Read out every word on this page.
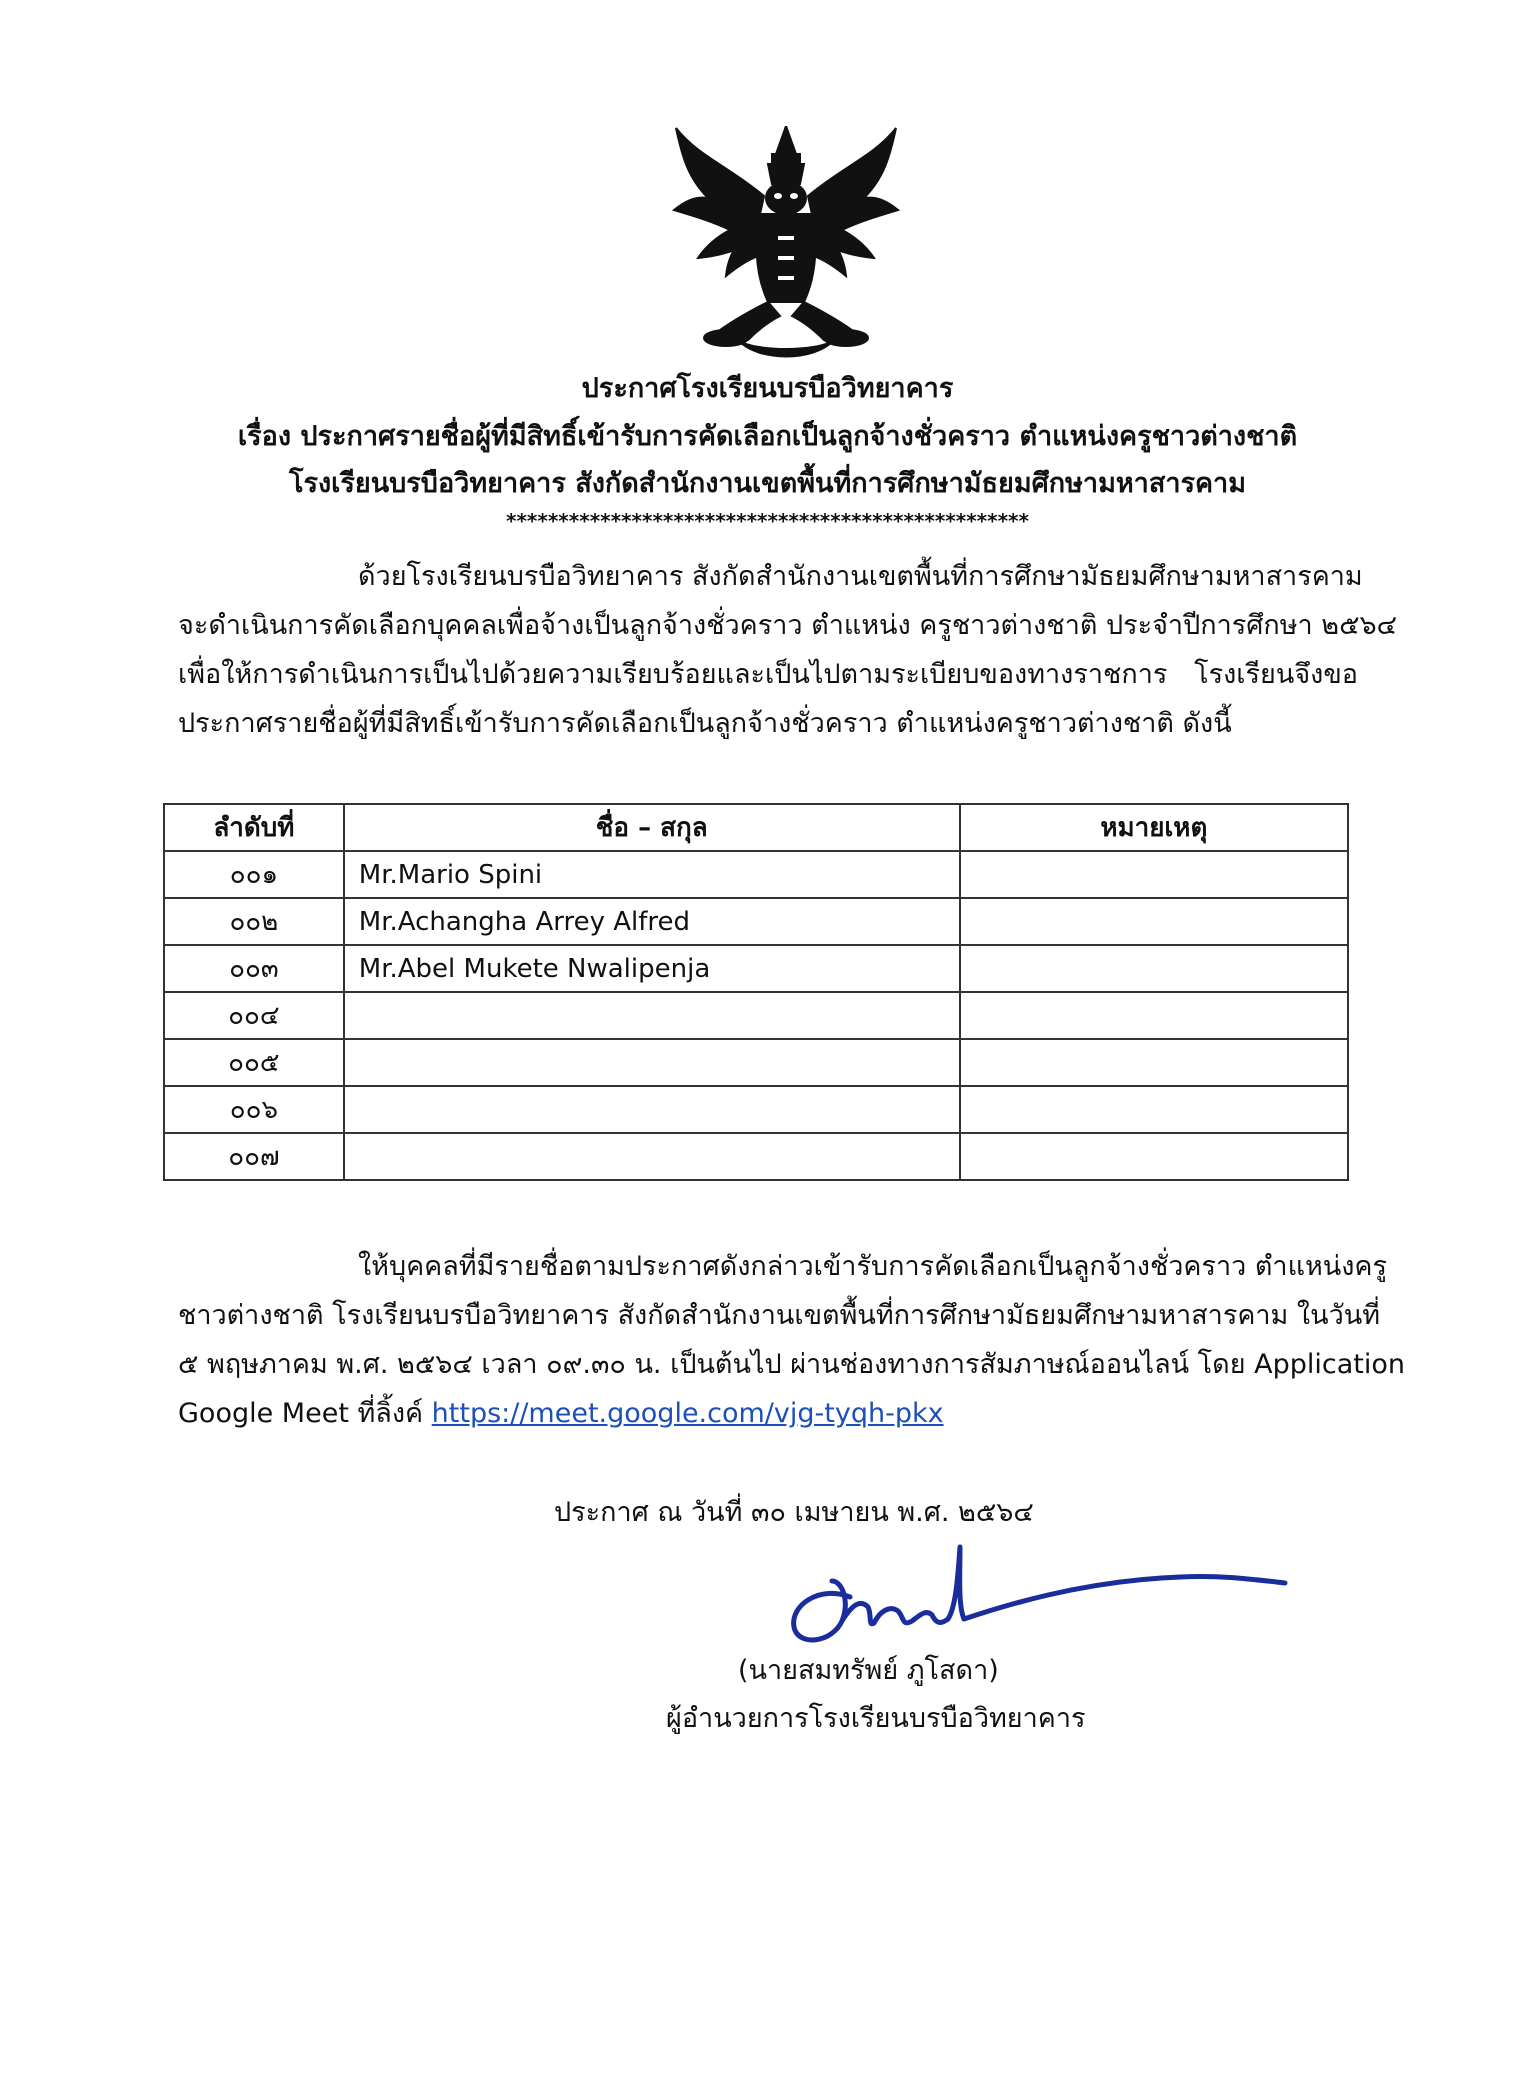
ประกาศโรงเรียนบรบือวิทยาคาร
เรื่อง ประกาศรายชื่อผู้ที่มีสิทธิ์เข้ารับการคัดเลือกเป็นลูกจ้างชั่วคราว ตำแหน่งครูชาวต่างชาติ
โรงเรียนบรบือวิทยาคาร สังกัดสำนักงานเขตพื้นที่การศึกษามัธยมศึกษามหาสารคาม
**************************************************
ด้วยโรงเรียนบรบือวิทยาคาร สังกัดสำนักงานเขตพื้นที่การศึกษามัธยมศึกษามหาสารคาม
จะดำเนินการคัดเลือกบุคคลเพื่อจ้างเป็นลูกจ้างชั่วคราว ตำแหน่ง ครูชาวต่างชาติ ประจำปีการศึกษา ๒๕๖๔
เพื่อให้การดำเนินการเป็นไปด้วยความเรียบร้อยและเป็นไปตามระเบียบของทางราชการ โรงเรียนจึงขอ
ประกาศรายชื่อผู้ที่มีสิทธิ์เข้ารับการคัดเลือกเป็นลูกจ้างชั่วคราว ตำแหน่งครูชาวต่างชาติ ดังนี้
ลำดับที่	ชื่อ – สกุล	หมายเหตุ
๐๐๑	Mr.Mario Spini	
๐๐๒	Mr.Achangha Arrey Alfred	
๐๐๓	Mr.Abel Mukete Nwalipenja	
๐๐๔		
๐๐๕		
๐๐๖		
๐๐๗		
ให้บุคคลที่มีรายชื่อตามประกาศดังกล่าวเข้ารับการคัดเลือกเป็นลูกจ้างชั่วคราว ตำแหน่งครู
ชาวต่างชาติ โรงเรียนบรบือวิทยาคาร สังกัดสำนักงานเขตพื้นที่การศึกษามัธยมศึกษามหาสารคาม ในวันที่
๕ พฤษภาคม พ.ศ. ๒๕๖๔ เวลา ๐๙.๓๐ น. เป็นต้นไป ผ่านช่องทางการสัมภาษณ์ออนไลน์ โดย Application
Google Meet ที่ลิ้งค์ https://meet.google.com/vjg-tyqh-pkx
ประกาศ ณ วันที่ ๓๐ เมษายน พ.ศ. ๒๕๖๔
(นายสมทรัพย์ ภูโสดา)
ผู้อำนวยการโรงเรียนบรบือวิทยาคาร
